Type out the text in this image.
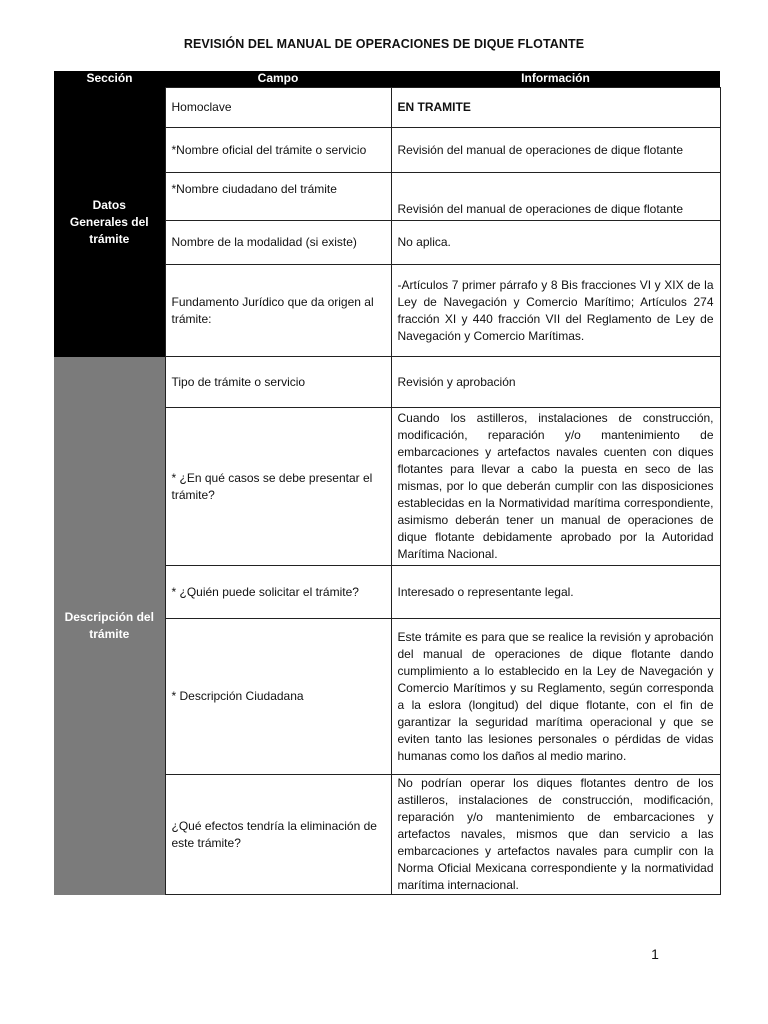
REVISIÓN DEL MANUAL DE OPERACIONES DE DIQUE FLOTANTE
Sección	Campo	Información
Datos Generales del trámite	Homoclave	EN TRAMITE
	*Nombre oficial del trámite o servicio	Revisión del manual de operaciones de dique flotante
	*Nombre ciudadano del trámite	Revisión del manual de operaciones de dique flotante
	Nombre de la modalidad (si existe)	No aplica.
	Fundamento Jurídico que da origen al trámite:	-Artículos 7 primer párrafo y 8 Bis fracciones VI y XIX de la Ley de Navegación y Comercio Marítimo; Artículos 274 fracción XI y 440 fracción VII del Reglamento de Ley de Navegación y Comercio Marítimas.
Descripción del trámite	Tipo de trámite o servicio	Revisión y aprobación
	* ¿En qué casos se debe presentar el trámite?	Cuando los astilleros, instalaciones de construcción, modificación, reparación y/o mantenimiento de embarcaciones y artefactos navales cuenten con diques flotantes para llevar a cabo la puesta en seco de las mismas, por lo que deberán cumplir con las disposiciones establecidas en la Normatividad marítima correspondiente, asimismo deberán tener un manual de operaciones de dique flotante debidamente aprobado por la Autoridad Marítima Nacional.
	* ¿Quién puede solicitar el trámite?	Interesado o representante legal.
	* Descripción Ciudadana	Este trámite es para que se realice la revisión y aprobación del manual de operaciones de dique flotante dando cumplimiento a lo establecido en la Ley de Navegación y Comercio Marítimos y su Reglamento, según corresponda a la eslora (longitud) del dique flotante, con el fin de garantizar la seguridad marítima operacional y que se eviten tanto las lesiones personales o pérdidas de vidas humanas como los daños al medio marino.
	¿Qué efectos tendría la eliminación de este trámite?	No podrían operar los diques flotantes dentro de los astilleros, instalaciones de construcción, modificación, reparación y/o mantenimiento de embarcaciones y artefactos navales, mismos que dan servicio a las embarcaciones y artefactos navales para cumplir con la Norma Oficial Mexicana correspondiente y la normatividad marítima internacional.
1
